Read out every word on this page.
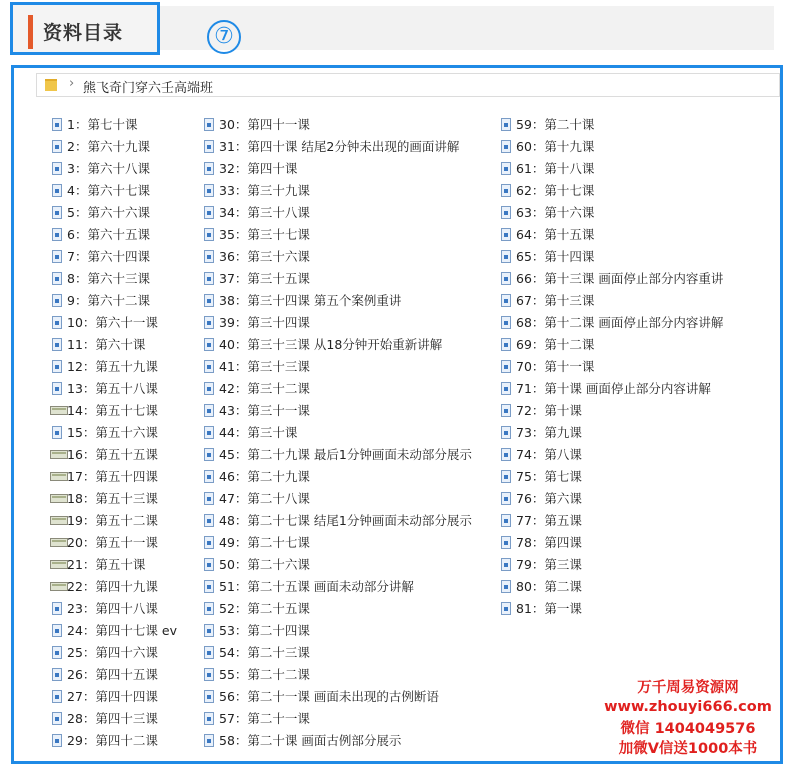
资料目录	⑦
› 熊飞奇门穿六壬高端班
1：第七十课
2：第六十九课
3：第六十八课
4：第六十七课
5：第六十六课
6：第六十五课
7：第六十四课
8：第六十三课
9：第六十二课
10：第六十一课
11：第六十课
12：第五十九课
13：第五十八课
14：第五十七课
15：第五十六课
16：第五十五课
17：第五十四课
18：第五十三课
19：第五十二课
20：第五十一课
21：第五十课
22：第四十九课
23：第四十八课
24：第四十七课 ev
25：第四十六课
26：第四十五课
27：第四十四课
28：第四十三课
29：第四十二课
30：第四十一课
31：第四十课 结尾2分钟未出现的画面讲解
32：第四十课
33：第三十九课
34：第三十八课
35：第三十七课
36：第三十六课
37：第三十五课
38：第三十四课 第五个案例重讲
39：第三十四课
40：第三十三课 从18分钟开始重新讲解
41：第三十三课
42：第三十二课
43：第三十一课
44：第三十课
45：第二十九课 最后1分钟画面未动部分展示
46：第二十九课
47：第二十八课
48：第二十七课 结尾1分钟画面未动部分展示
49：第二十七课
50：第二十六课
51：第二十五课 画面未动部分讲解
52：第二十五课
53：第二十四课
54：第二十三课
55：第二十二课
56：第二十一课 画面未出现的古例断语
57：第二十一课
58：第二十课 画面古例部分展示
59：第二十课
60：第十九课
61：第十八课
62：第十七课
63：第十六课
64：第十五课
65：第十四课
66：第十三课 画面停止部分内容重讲
67：第十三课
68：第十二课 画面停止部分内容讲解
69：第十二课
70：第十一课
71：第十课 画面停止部分内容讲解
72：第十课
73：第九课
74：第八课
75：第七课
76：第六课
77：第五课
78：第四课
79：第三课
80：第二课
81：第一课
万千周易资源网
www.zhouyi666.com
微信 1404049576
加微V信送1000本书
